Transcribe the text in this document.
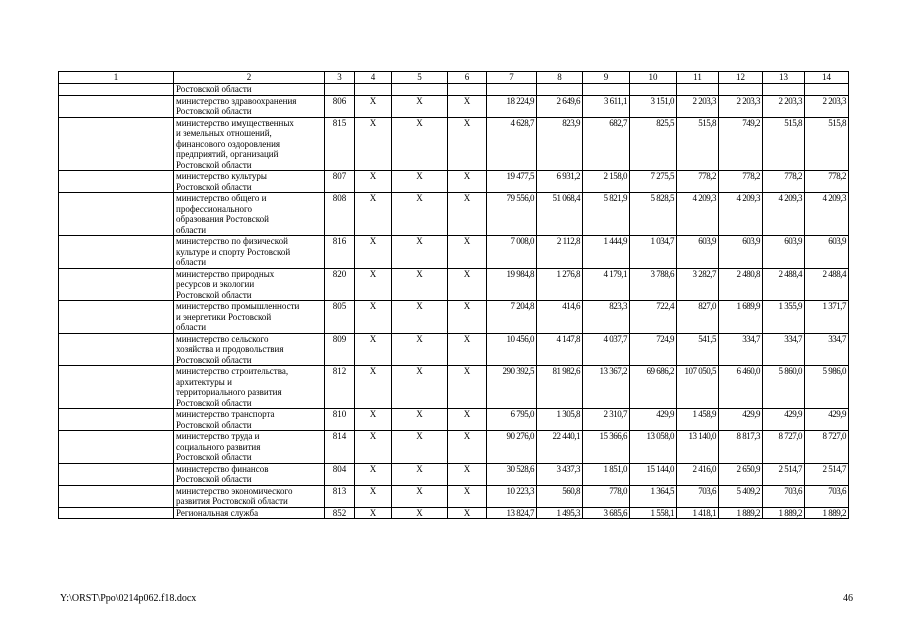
1	2	3	4	5	6	7	8	9	10	11	12	13	14

	Ростовской области												

	министерство здравоохранения
Ростовской области	806	X	X	X	18 224,9	2 649,6	3 611,1	3 151,0	2 203,3	2 203,3	2 203,3	2 203,3

	министерство имущественных
и земельных отношений,
финансового оздоровления
предприятий, организаций
Ростовской области	815	X	X	X	4 628,7	823,9	682,7	825,5	515,8	749,2	515,8	515,8

	министерство культуры
Ростовской области	807	X	X	X	19 477,5	6 931,2	2 158,0	7 275,5	778,2	778,2	778,2	778,2

	министерство общего и
профессионального
образования Ростовской
области	808	X	X	X	79 556,0	51 068,4	5 821,9	5 828,5	4 209,3	4 209,3	4 209,3	4 209,3

	министерство по физической
культуре и спорту Ростовской
области	816	X	X	X	7 008,0	2 112,8	1 444,9	1 034,7	603,9	603,9	603,9	603,9

	министерство природных
ресурсов и экологии
Ростовской области	820	X	X	X	19 984,8	1 276,8	4 179,1	3 788,6	3 282,7	2 480,8	2 488,4	2 488,4

	министерство промышленности
и энергетики Ростовской
области	805	X	X	X	7 204,8	414,6	823,3	722,4	827,0	1 689,9	1 355,9	1 371,7

	министерство сельского
хозяйства и продовольствия
Ростовской области	809	X	X	X	10 456,0	4 147,8	4 037,7	724,9	541,5	334,7	334,7	334,7

	министерство строительства,
архитектуры и
территориального развития
Ростовской области	812	X	X	X	290 392,5	81 982,6	13 367,2	69 686,2	107 050,5	6 460,0	5 860,0	5 986,0

	министерство транспорта
Ростовской области	810	X	X	X	6 795,0	1 305,8	2 310,7	429,9	1 458,9	429,9	429,9	429,9

	министерство труда и
социального развития
Ростовской области	814	X	X	X	90 276,0	22 440,1	15 366,6	13 058,0	13 140,0	8 817,3	8 727,0	8 727,0

	министерство финансов
Ростовской области	804	X	X	X	30 528,6	3 437,3	1 851,0	15 144,0	2 416,0	2 650,9	2 514,7	2 514,7

	министерство экономического
развития Ростовской области	813	X	X	X	10 223,3	560,8	778,0	1 364,5	703,6	5 409,2	703,6	703,6

	Региональная служба	852	X	X	X	13 824,7	1 495,3	3 685,6	1 558,1	1 418,1	1 889,2	1 889,2	1 889,2
Y:\ORST\Ppo\0214p062.f18.docx	46
